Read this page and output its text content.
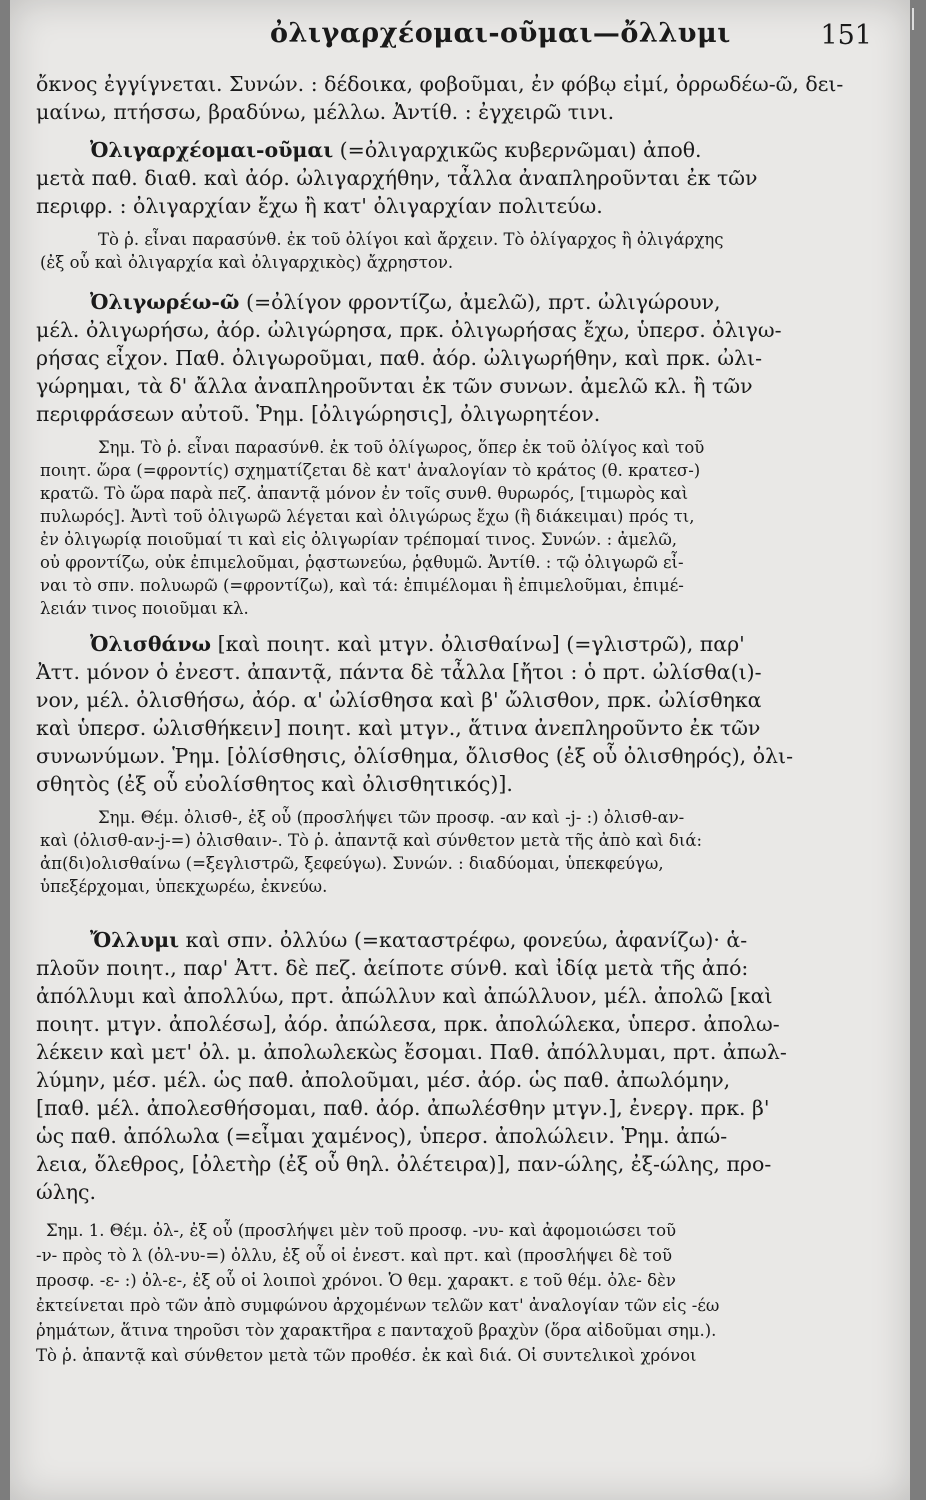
ὀλιγαρχέομαι-οῦμαι—ὄλλυμι	151
ὄκνος ἐγγίγνεται. Συνών. : δέδοικα, φοβοῦμαι, ἐν φόβῳ εἰμί, ὀρρωδέω-ῶ, δει-
μαίνω, πτήσσω, βραδύνω, μέλλω. Ἀντίθ. : ἐγχειρῶ τινι.
Ὀλιγαρχέομαι-οῦμαι (=ὀλιγαρχικῶς κυβερνῶμαι) ἀποθ.
μετὰ παθ. διαθ. καὶ ἀόρ. ὠλιγαρχήθην, τἆλλα ἀναπληροῦνται ἐκ τῶν
περιφρ. : ὀλιγαρχίαν ἔχω ἢ κατ' ὀλιγαρχίαν πολιτεύω.
Τὸ ῥ. εἶναι παρασύνθ. ἐκ τοῦ ὀλίγοι καὶ ἄρχειν. Τὸ ὀλίγαρχος ἢ ὀλιγάρχης
(ἐξ οὗ καὶ ὀλιγαρχία καὶ ὀλιγαρχικὸς) ἄχρηστον.
Ὀλιγωρέω-ῶ (=ὀλίγον φροντίζω, ἀμελῶ), πρτ. ὠλιγώρουν,
μέλ. ὀλιγωρήσω, ἀόρ. ὠλιγώρησα, πρκ. ὀλιγωρήσας ἔχω, ὑπερσ. ὀλιγω-
ρήσας εἶχον. Παθ. ὀλιγωροῦμαι, παθ. ἀόρ. ὠλιγωρήθην, καὶ πρκ. ὠλι-
γώρημαι, τὰ δ' ἄλλα ἀναπληροῦνται ἐκ τῶν συνων. ἀμελῶ κλ. ἢ τῶν
περιφράσεων αὐτοῦ. Ῥημ. [ὀλιγώρησις], ὀλιγωρητέον.
Σημ. Τὸ ῥ. εἶναι παρασύνθ. ἐκ τοῦ ὀλίγωρος, ὅπερ ἐκ τοῦ ὀλίγος καὶ τοῦ
ποιητ. ὥρα (=φροντίς) σχηματίζεται δὲ κατ' ἀναλογίαν τὸ κράτος (θ. κρατεσ-)
κρατῶ. Τὸ ὥρα παρὰ πεζ. ἀπαντᾷ μόνον ἐν τοῖς συνθ. θυρωρός, [τιμωρὸς καὶ
πυλωρός]. Ἀντὶ τοῦ ὀλιγωρῶ λέγεται καὶ ὀλιγώρως ἔχω (ἢ διάκειμαι) πρός τι,
ἐν ὀλιγωρίᾳ ποιοῦμαί τι καὶ εἰς ὀλιγωρίαν τρέπομαί τινος. Συνών. : ἀμελῶ,
οὐ φροντίζω, οὐκ ἐπιμελοῦμαι, ῥᾳστωνεύω, ῥᾳθυμῶ. Ἀντίθ. : τῷ ὀλιγωρῶ εἶ-
ναι τὸ σπν. πολυωρῶ (=φροντίζω), καὶ τά: ἐπιμέλομαι ἢ ἐπιμελοῦμαι, ἐπιμέ-
λειάν τινος ποιοῦμαι κλ.
Ὀλισθάνω [καὶ ποιητ. καὶ μτγν. ὀλισθαίνω] (=γλιστρῶ), παρ'
Ἀττ. μόνον ὁ ἐνεστ. ἀπαντᾷ, πάντα δὲ τἆλλα [ἤτοι : ὁ πρτ. ὠλίσθα(ι)-
νον, μέλ. ὀλισθήσω, ἀόρ. α' ὠλίσθησα καὶ β' ὤλισθον, πρκ. ὠλίσθηκα
καὶ ὑπερσ. ὠλισθήκειν] ποιητ. καὶ μτγν., ἅτινα ἀνεπληροῦντο ἐκ τῶν
συνωνύμων. Ῥημ. [ὀλίσθησις, ὀλίσθημα, ὄλισθος (ἐξ οὗ ὀλισθηρός), ὀλι-
σθητὸς (ἐξ οὗ εὐολίσθητος καὶ ὀλισθητικός)].
Σημ. Θέμ. ὀλισθ-, ἐξ οὗ (προσλήψει τῶν προσφ. -αν καὶ -j- :) ὀλισθ-αν-
καὶ (ὀλισθ-αν-j-=) ὀλισθαιν-. Τὸ ῥ. ἀπαντᾷ καὶ σύνθετον μετὰ τῆς ἀπὸ καὶ διά:
ἀπ(δι)ολισθαίνω (=ξεγλιστρῶ, ξεφεύγω). Συνών. : διαδύομαι, ὑπεκφεύγω,
ὑπεξέρχομαι, ὑπεκχωρέω, ἐκνεύω.
Ὄλλυμι καὶ σπν. ὀλλύω (=καταστρέφω, φονεύω, ἀφανίζω)· ἁ-
πλοῦν ποιητ., παρ' Ἀττ. δὲ πεζ. ἀείποτε σύνθ. καὶ ἰδίᾳ μετὰ τῆς ἀπό:
ἀπόλλυμι καὶ ἀπολλύω, πρτ. ἀπώλλυν καὶ ἀπώλλυον, μέλ. ἀπολῶ [καὶ
ποιητ. μτγν. ἀπολέσω], ἀόρ. ἀπώλεσα, πρκ. ἀπολώλεκα, ὑπερσ. ἀπολω-
λέκειν καὶ μετ' ὀλ. μ. ἀπολωλεκὼς ἔσομαι. Παθ. ἀπόλλυμαι, πρτ. ἀπωλ-
λύμην, μέσ. μέλ. ὡς παθ. ἀπολοῦμαι, μέσ. ἀόρ. ὡς παθ. ἀπωλόμην,
[παθ. μέλ. ἀπολεσθήσομαι, παθ. ἀόρ. ἀπωλέσθην μτγν.], ἐνεργ. πρκ. β'
ὡς παθ. ἀπόλωλα (=εἶμαι χαμένος), ὑπερσ. ἀπολώλειν. Ῥημ. ἀπώ-
λεια, ὄλεθρος, [ὀλετὴρ (ἐξ οὗ θηλ. ὀλέτειρα)], παν-ώλης, ἐξ-ώλης, προ-
ώλης.
Σημ. 1. Θέμ. ὀλ-, ἐξ οὗ (προσλήψει μὲν τοῦ προσφ. -νυ- καὶ ἀφομοιώσει τοῦ
-ν- πρὸς τὸ λ (ὀλ-νυ-=) ὀλλυ, ἐξ οὗ οἱ ἐνεστ. καὶ πρτ. καὶ (προσλήψει δὲ τοῦ
προσφ. -ε- :) ὀλ-ε-, ἐξ οὗ οἱ λοιποὶ χρόνοι. Ὁ θεμ. χαρακτ. ε τοῦ θέμ. ὀλε- δὲν
ἐκτείνεται πρὸ τῶν ἀπὸ συμφώνου ἀρχομένων τελῶν κατ' ἀναλογίαν τῶν εἰς -έω
ῥημάτων, ἅτινα τηροῦσι τὸν χαρακτῆρα ε πανταχοῦ βραχὺν (ὅρα αἰδοῦμαι σημ.).
Τὸ ῥ. ἀπαντᾷ καὶ σύνθετον μετὰ τῶν προθέσ. ἐκ καὶ διά. Οἱ συντελικοὶ χρόνοι
